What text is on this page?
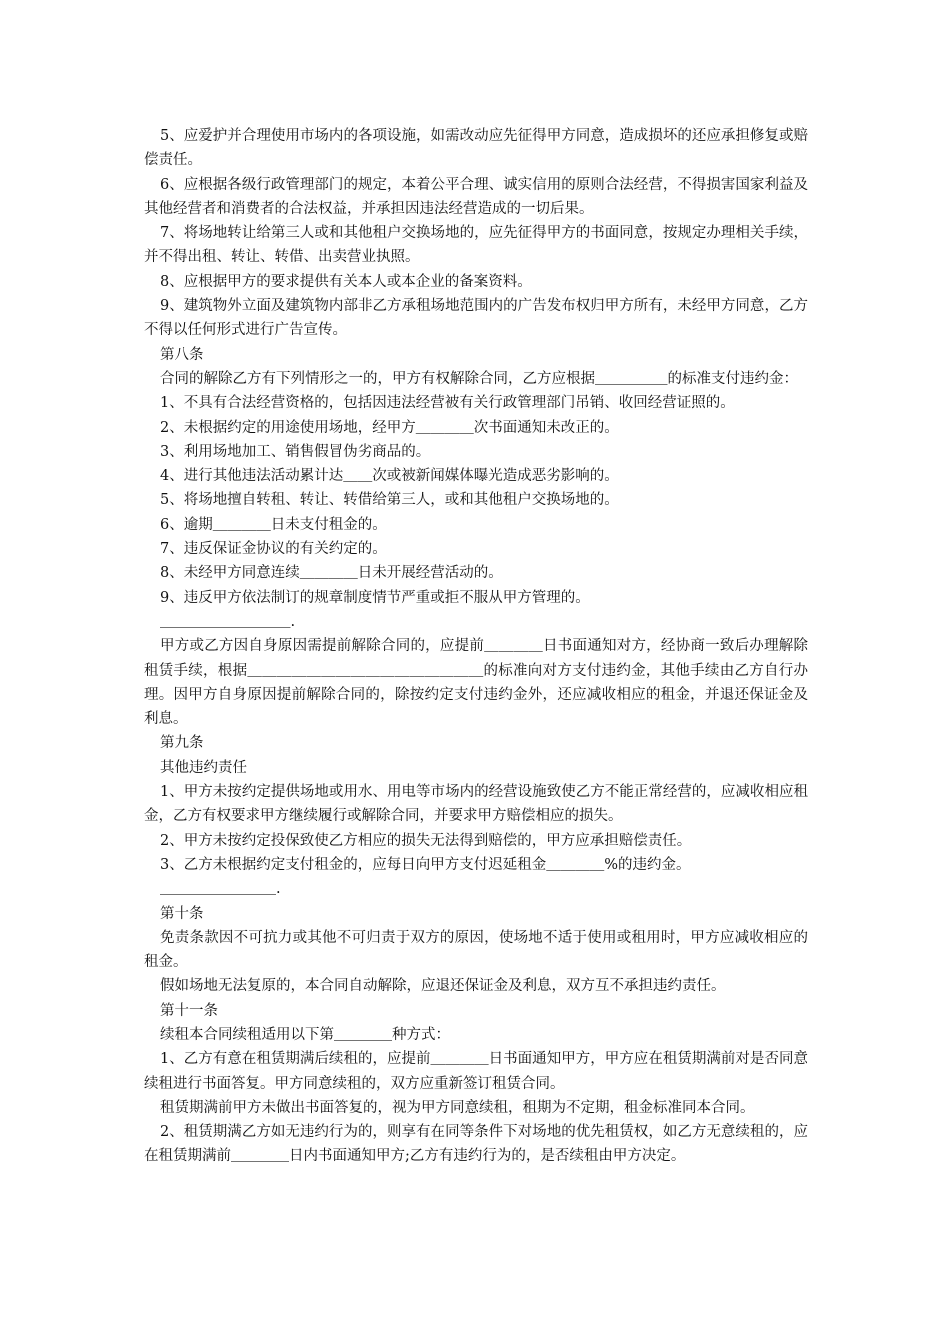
5、应爱护并合理使用市场内的各项设施，如需改动应先征得甲方同意，造成损坏的还应承担修复或赔偿责任。

6、应根据各级行政管理部门的规定，本着公平合理、诚实信用的原则合法经营，不得损害国家利益及其他经营者和消费者的合法权益，并承担因违法经营造成的一切后果。

7、将场地转让给第三人或和其他租户交换场地的，应先征得甲方的书面同意，按规定办理相关手续，并不得出租、转让、转借、出卖营业执照。

8、应根据甲方的要求提供有关本人或本企业的备案资料。

9、建筑物外立面及建筑物内部非乙方承租场地范围内的广告发布权归甲方所有，未经甲方同意，乙方不得以任何形式进行广告宣传。

第八条

合同的解除乙方有下列情形之一的，甲方有权解除合同，乙方应根据＿＿＿＿＿的标准支付违约金：

1、不具有合法经营资格的，包括因违法经营被有关行政管理部门吊销、收回经营证照的。

2、未根据约定的用途使用场地，经甲方＿＿＿＿次书面通知未改正的。

3、利用场地加工、销售假冒伪劣商品的。

4、进行其他违法活动累计达＿＿次或被新闻媒体曝光造成恶劣影响的。

5、将场地擅自转租、转让、转借给第三人，或和其他租户交换场地的。

6、逾期＿＿＿＿日未支付租金的。

7、违反保证金协议的有关约定的。

8、未经甲方同意连续＿＿＿＿日未开展经营活动的。

9、违反甲方依法制订的规章制度情节严重或拒不服从甲方管理的。

＿＿＿＿＿＿＿＿＿.

甲方或乙方因自身原因需提前解除合同的，应提前＿＿＿＿日书面通知对方，经协商一致后办理解除租赁手续，根据＿＿＿＿＿＿＿＿＿＿＿＿＿＿＿＿的标准向对方支付违约金，其他手续由乙方自行办理。因甲方自身原因提前解除合同的，除按约定支付违约金外，还应减收相应的租金，并退还保证金及利息。

第九条

其他违约责任

1、甲方未按约定提供场地或用水、用电等市场内的经营设施致使乙方不能正常经营的，应减收相应租金，乙方有权要求甲方继续履行或解除合同，并要求甲方赔偿相应的损失。

2、甲方未按约定投保致使乙方相应的损失无法得到赔偿的，甲方应承担赔偿责任。

3、乙方未根据约定支付租金的，应每日向甲方支付迟延租金＿＿＿＿%的违约金。

＿＿＿＿＿＿＿＿.

第十条

免责条款因不可抗力或其他不可归责于双方的原因，使场地不适于使用或租用时，甲方应减收相应的租金。

假如场地无法复原的，本合同自动解除，应退还保证金及利息，双方互不承担违约责任。

第十一条

续租本合同续租适用以下第＿＿＿＿种方式：

1、乙方有意在租赁期满后续租的，应提前＿＿＿＿日书面通知甲方，甲方应在租赁期满前对是否同意续租进行书面答复。甲方同意续租的，双方应重新签订租赁合同。

租赁期满前甲方未做出书面答复的，视为甲方同意续租，租期为不定期，租金标准同本合同。

2、租赁期满乙方如无违约行为的，则享有在同等条件下对场地的优先租赁权，如乙方无意续租的，应在租赁期满前＿＿＿＿日内书面通知甲方;乙方有违约行为的，是否续租由甲方决定。
